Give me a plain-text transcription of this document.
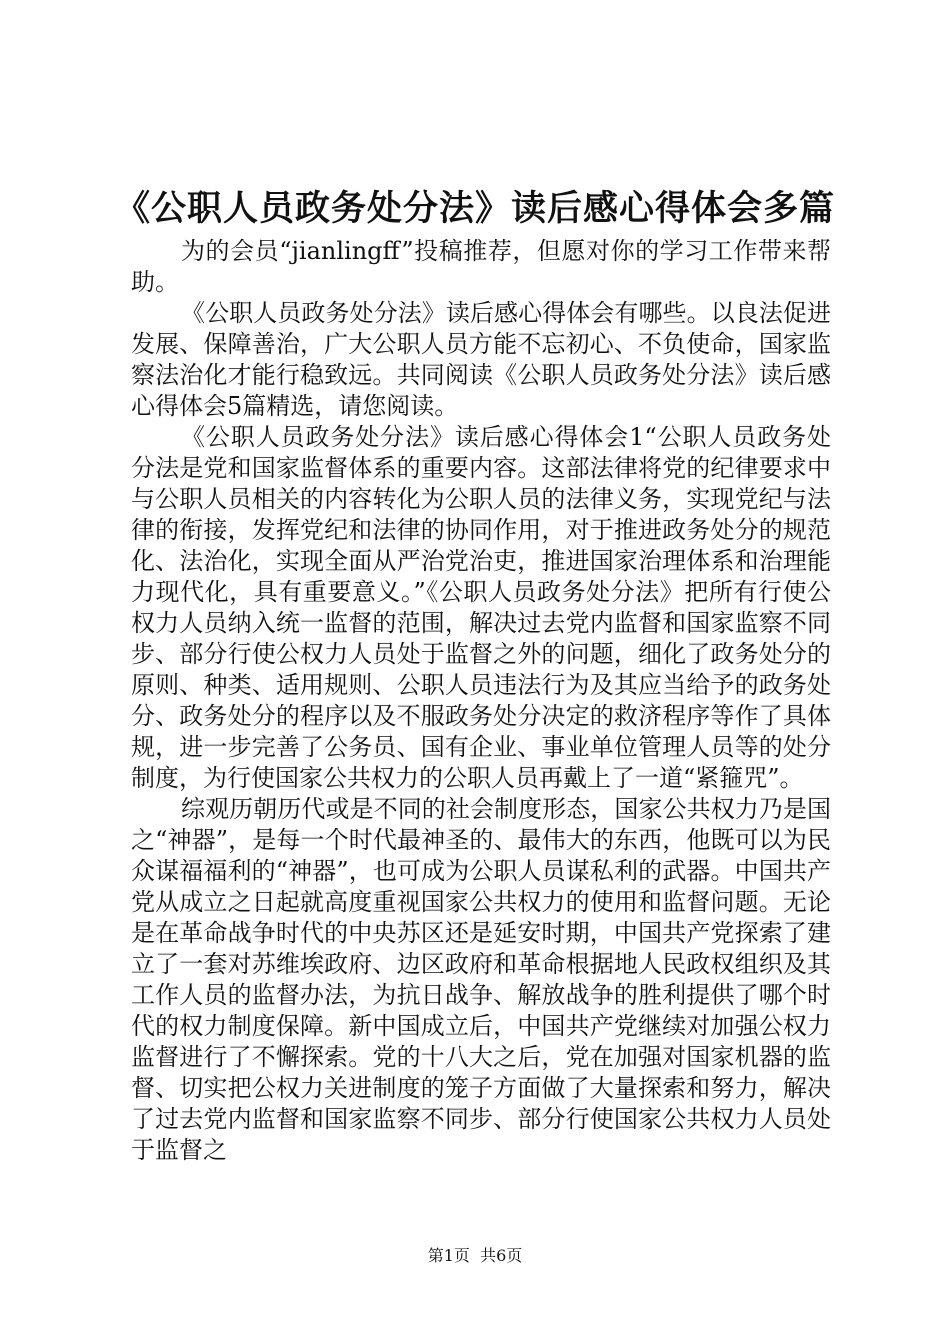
《公职人员政务处分法》读后感心得体会多篇

为的会员“jianlingff”投稿推荐，但愿对你的学习工作带来帮助。

《公职人员政务处分法》读后感心得体会有哪些。以良法促进发展、保障善治，广大公职人员方能不忘初心、不负使命，国家监察法治化才能行稳致远。共同阅读《公职人员政务处分法》读后感心得体会5篇精选，请您阅读。

《公职人员政务处分法》读后感心得体会1“公职人员政务处分法是党和国家监督体系的重要内容。这部法律将党的纪律要求中与公职人员相关的内容转化为公职人员的法律义务，实现党纪与法律的衔接，发挥党纪和法律的协同作用，对于推进政务处分的规范化、法治化，实现全面从严治党治吏，推进国家治理体系和治理能力现代化，具有重要意义。”《公职人员政务处分法》把所有行使公权力人员纳入统一监督的范围，解决过去党内监督和国家监察不同步、部分行使公权力人员处于监督之外的问题，细化了政务处分的原则、种类、适用规则、公职人员违法行为及其应当给予的政务处分、政务处分的程序以及不服政务处分决定的救济程序等作了具体规，进一步完善了公务员、国有企业、事业单位管理人员等的处分制度，为行使国家公共权力的公职人员再戴上了一道“紧箍咒”。

综观历朝历代或是不同的社会制度形态，国家公共权力乃是国之“神器”，是每一个时代最神圣的、最伟大的东西，他既可以为民众谋福福利的“神器”，也可成为公职人员谋私利的武器。中国共产党从成立之日起就高度重视国家公共权力的使用和监督问题。无论是在革命战争时代的中央苏区还是延安时期，中国共产党探索了建立了一套对苏维埃政府、边区政府和革命根据地人民政权组织及其工作人员的监督办法，为抗日战争、解放战争的胜利提供了哪个时代的权力制度保障。新中国成立后，中国共产党继续对加强公权力监督进行了不懈探索。党的十八大之后，党在加强对国家机器的监督、切实把公权力关进制度的笼子方面做了大量探索和努力，解决了过去党内监督和国家监察不同步、部分行使国家公共权力人员处于监督之

第1页 共6页
